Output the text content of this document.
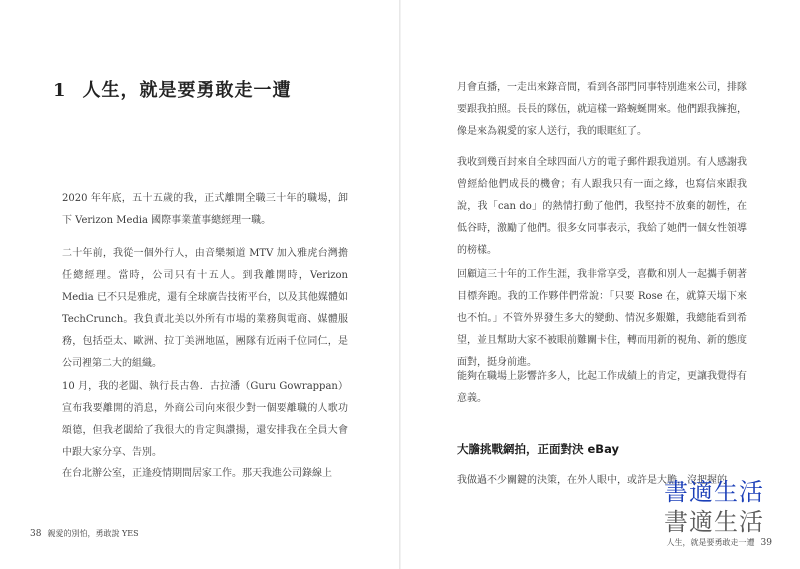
1 人生，就是要勇敢走一遭

2020 年年底，五十五歲的我，正式離開全職三十年的職場，卸下 Verizon Media 國際事業董事總經理一職。

二十年前，我從一個外行人，由音樂頻道 MTV 加入雅虎台灣擔任總經理。當時，公司只有十五人。到我離開時，Verizon Media 已不只是雅虎，還有全球廣告技術平台，以及其他媒體如 TechCrunch。我負責北美以外所有市場的業務與電商、媒體服務，包括亞太、歐洲、拉丁美洲地區，團隊有近兩千位同仁，是公司裡第二大的組織。

10 月，我的老闆、執行長古魯．古拉潘（Guru Gowrappan）宣布我要離開的消息，外商公司向來很少對一個要離職的人歌功頌德，但我老闆給了我很大的肯定與讚揚，還安排我在全員大會中跟大家分享、告別。

在台北辦公室，正逢疫情期間居家工作。那天我進公司錄線上

38 親愛的別怕，勇敢說 YES

月會直播，一走出來錄音間，看到各部門同事特別進來公司，排隊要跟我拍照。長長的隊伍，就這樣一路蜿蜒開來。他們跟我擁抱，像是來為親愛的家人送行，我的眼眶紅了。

我收到幾百封來自全球四面八方的電子郵件跟我道別。有人感謝我曾經給他們成長的機會；有人跟我只有一面之緣，也寫信來跟我說，我「can do」的熱情打動了他們，我堅持不放棄的韌性，在低谷時，激勵了他們。很多女同事表示，我給了她們一個女性領導的榜樣。

回顧這三十年的工作生涯，我非常享受，喜歡和別人一起攜手朝著目標奔跑。我的工作夥伴們常說：「只要 Rose 在，就算天塌下來也不怕。」不管外界發生多大的變動、情況多艱難，我總能看到希望，並且幫助大家不被眼前難關卡住，轉而用新的視角、新的態度面對，挺身前進。

能夠在職場上影響許多人，比起工作成績上的肯定，更讓我覺得有意義。

我做過不少關鍵的決策，在外人眼中，或許是大膽，沒把握的

大膽挑戰網拍，正面對決 eBay
人生，就是要勇敢走一遭 39
書適生活
書適生活
